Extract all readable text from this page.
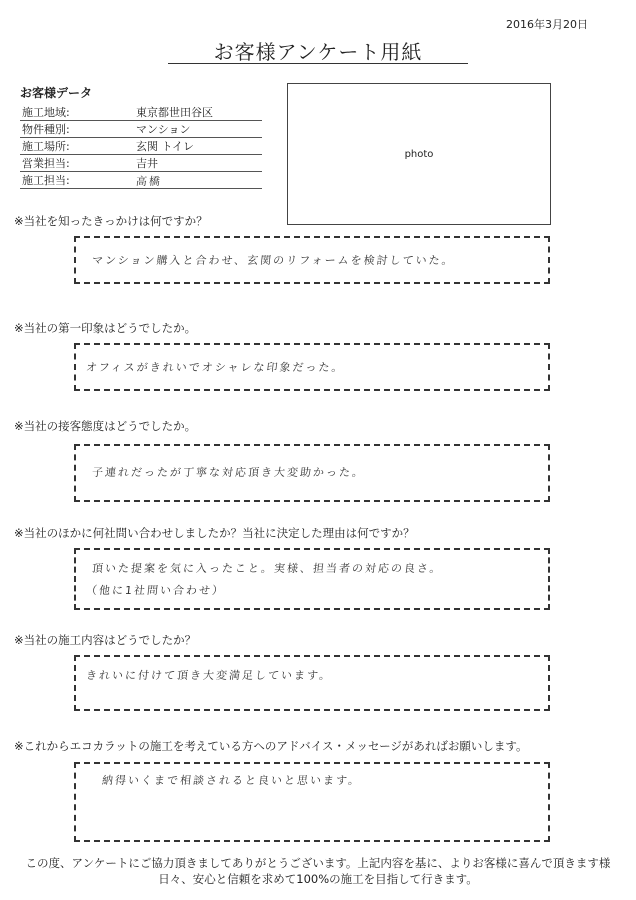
2016年3月20日
お客様アンケート用紙
お客様データ
施工地域:	東京都世田谷区
物件種別:	マンション
施工場所:	玄関 トイレ
営業担当:	吉井
施工担当:	高橋
photo
※当社を知ったきっかけは何ですか？
マンション購入と合わせ、玄関のリフォームを検討していた。
※当社の第一印象はどうでしたか。
オフィスがきれいでオシャレな印象だった。
※当社の接客態度はどうでしたか。
子連れだったが丁寧な対応頂き大変助かった。
※当社のほかに何社問い合わせしましたか？当社に決定した理由は何ですか？
頂いた提案を気に入ったこと。実様、担当者の対応の良さ。
（他に1社問い合わせ）
※当社の施工内容はどうでしたか？
きれいに付けて頂き大変満足しています。
※これからエコカラットの施工を考えている方へのアドバイス・メッセージがあればお願いします。
納得いくまで相談されると良いと思います。
この度、アンケートにご協力頂きましてありがとうございます。上記内容を基に、よりお客様に喜んで頂きます様
日々、安心と信頼を求めて100%の施工を目指して行きます。
